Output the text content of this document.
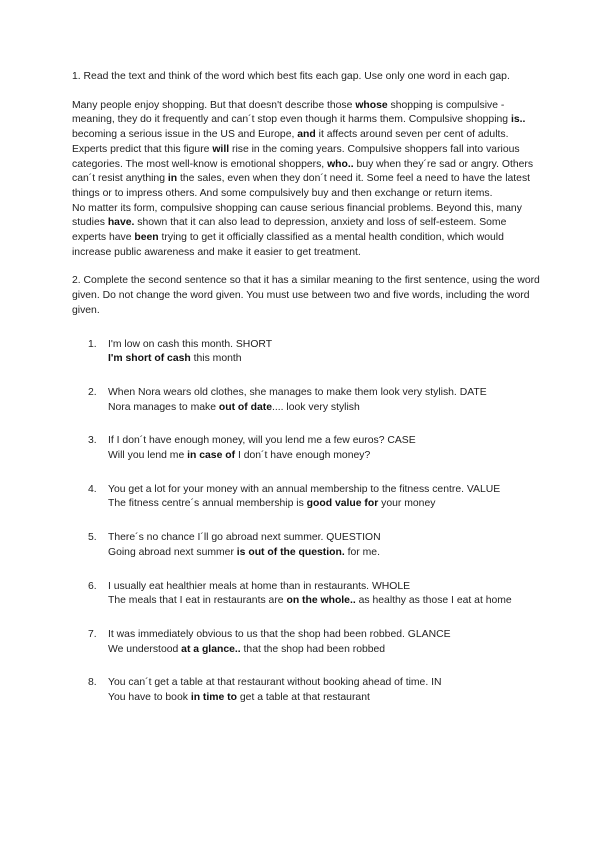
1. Read the text and think of the word which best fits each gap. Use only one word in each gap.

Many people enjoy shopping. But that doesn't describe those whose shopping is compulsive - meaning, they do it frequently and can´t stop even though it harms them. Compulsive shopping is.. becoming a serious issue in the US and Europe, and it affects around seven per cent of adults. Experts predict that this figure will rise in the coming years. Compulsive shoppers fall into various categories. The most well-know is emotional shoppers, who.. buy when they´re sad or angry. Others can´t resist anything in the sales, even when they don´t need it. Some feel a need to have the latest things or to impress others. And some compulsively buy and then exchange or return items.
No matter its form, compulsive shopping can cause serious financial problems. Beyond this, many studies have. shown that it can also lead to depression, anxiety and loss of self-esteem. Some experts have been trying to get it officially classified as a mental health condition, which would increase public awareness and make it easier to get treatment.

2. Complete the second sentence so that it has a similar meaning to the first sentence, using the word given. Do not change the word given. You must use between two and five words, including the word given.

1. I'm low on cash this month. SHORT
I'm short of cash this month
2. When Nora wears old clothes, she manages to make them look very stylish. DATE
Nora manages to make out of date.... look very stylish
3. If I don´t have enough money, will you lend me a few euros? CASE
Will you lend me in case of I don´t have enough money?
4. You get a lot for your money with an annual membership to the fitness centre. VALUE
The fitness centre´s annual membership is good value for your money
5. There´s no chance I´ll go abroad next summer. QUESTION
Going abroad next summer is out of the question. for me.
6. I usually eat healthier meals at home than in restaurants. WHOLE
The meals that I eat in restaurants are on the whole.. as healthy as those I eat at home
7. It was immediately obvious to us that the shop had been robbed. GLANCE
We understood at a glance.. that the shop had been robbed
8. You can´t get a table at that restaurant without booking ahead of time. IN
You have to book in time to get a table at that restaurant
